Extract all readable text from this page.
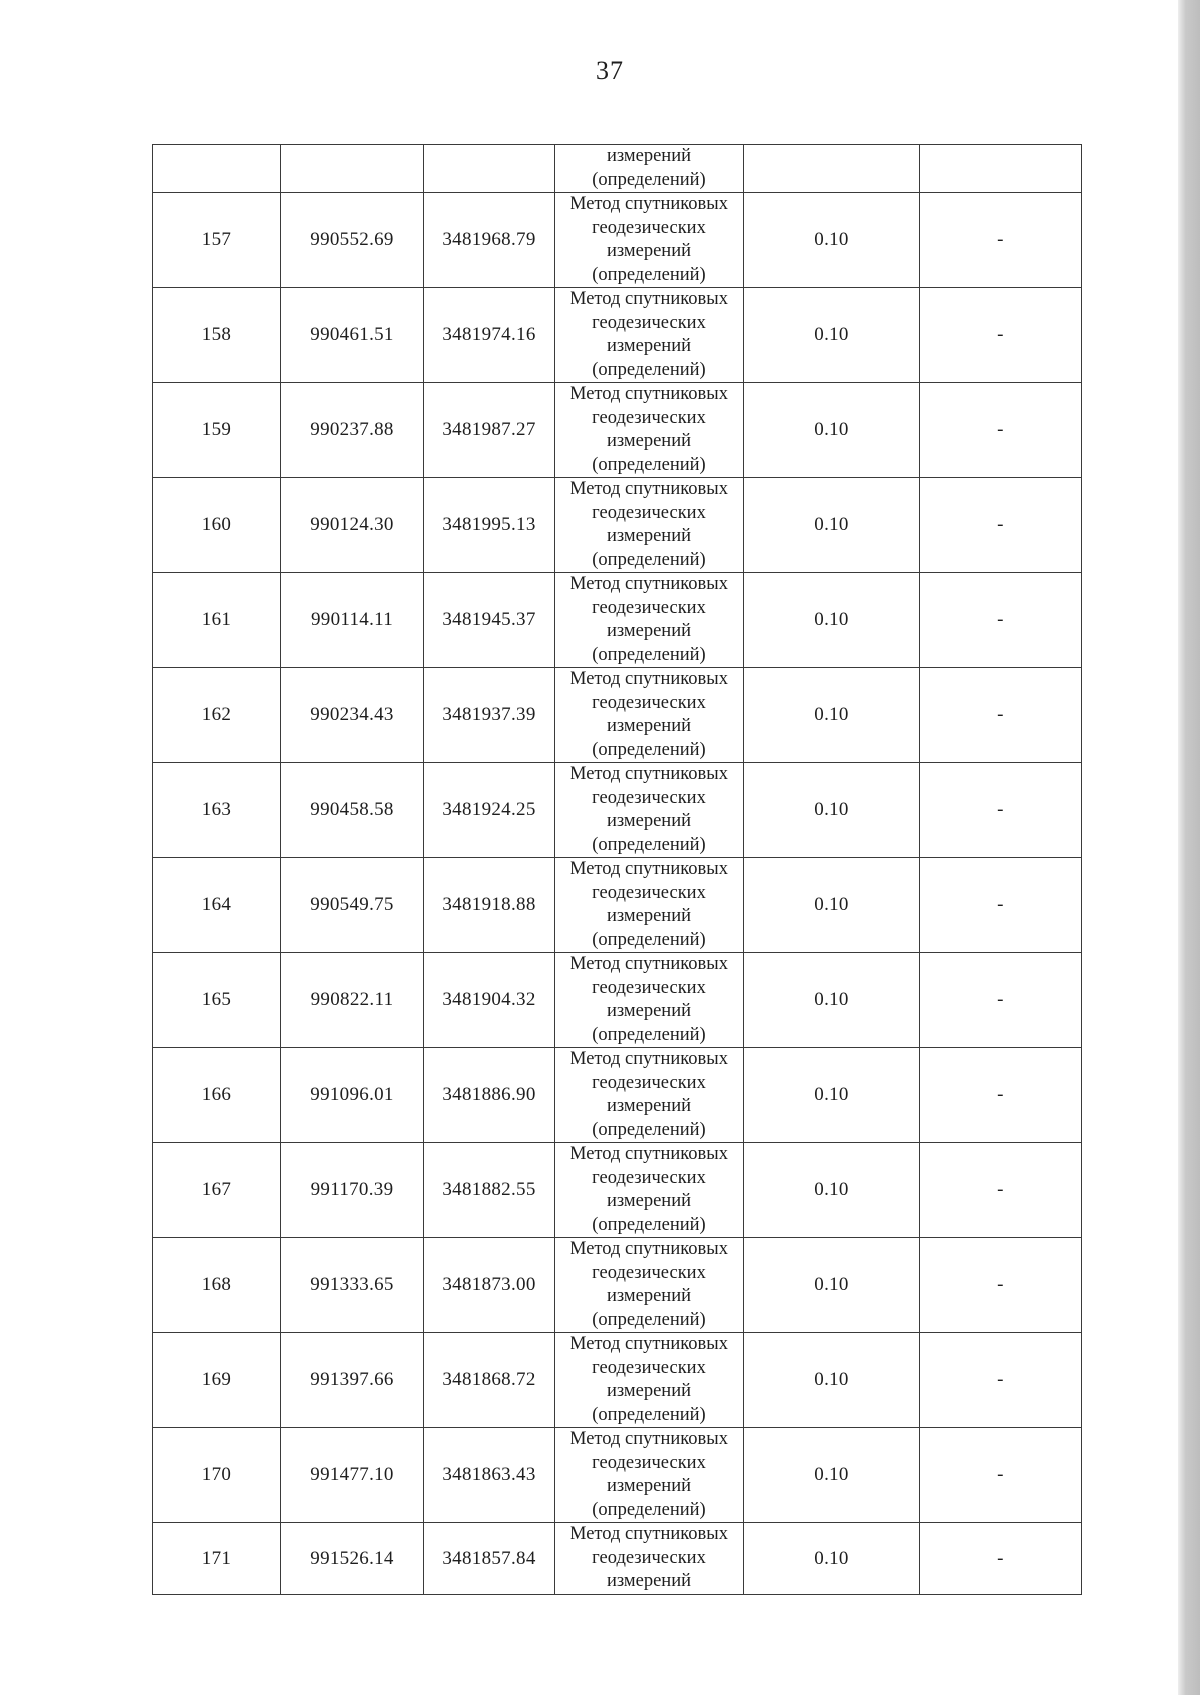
37
			измерений (определений)		
157	990552.69	3481968.79	Метод спутниковых геодезических измерений (определений)	0.10	-
158	990461.51	3481974.16	Метод спутниковых геодезических измерений (определений)	0.10	-
159	990237.88	3481987.27	Метод спутниковых геодезических измерений (определений)	0.10	-
160	990124.30	3481995.13	Метод спутниковых геодезических измерений (определений)	0.10	-
161	990114.11	3481945.37	Метод спутниковых геодезических измерений (определений)	0.10	-
162	990234.43	3481937.39	Метод спутниковых геодезических измерений (определений)	0.10	-
163	990458.58	3481924.25	Метод спутниковых геодезических измерений (определений)	0.10	-
164	990549.75	3481918.88	Метод спутниковых геодезических измерений (определений)	0.10	-
165	990822.11	3481904.32	Метод спутниковых геодезических измерений (определений)	0.10	-
166	991096.01	3481886.90	Метод спутниковых геодезических измерений (определений)	0.10	-
167	991170.39	3481882.55	Метод спутниковых геодезических измерений (определений)	0.10	-
168	991333.65	3481873.00	Метод спутниковых геодезических измерений (определений)	0.10	-
169	991397.66	3481868.72	Метод спутниковых геодезических измерений (определений)	0.10	-
170	991477.10	3481863.43	Метод спутниковых геодезических измерений (определений)	0.10	-
171	991526.14	3481857.84	Метод спутниковых геодезических измерений	0.10	-
